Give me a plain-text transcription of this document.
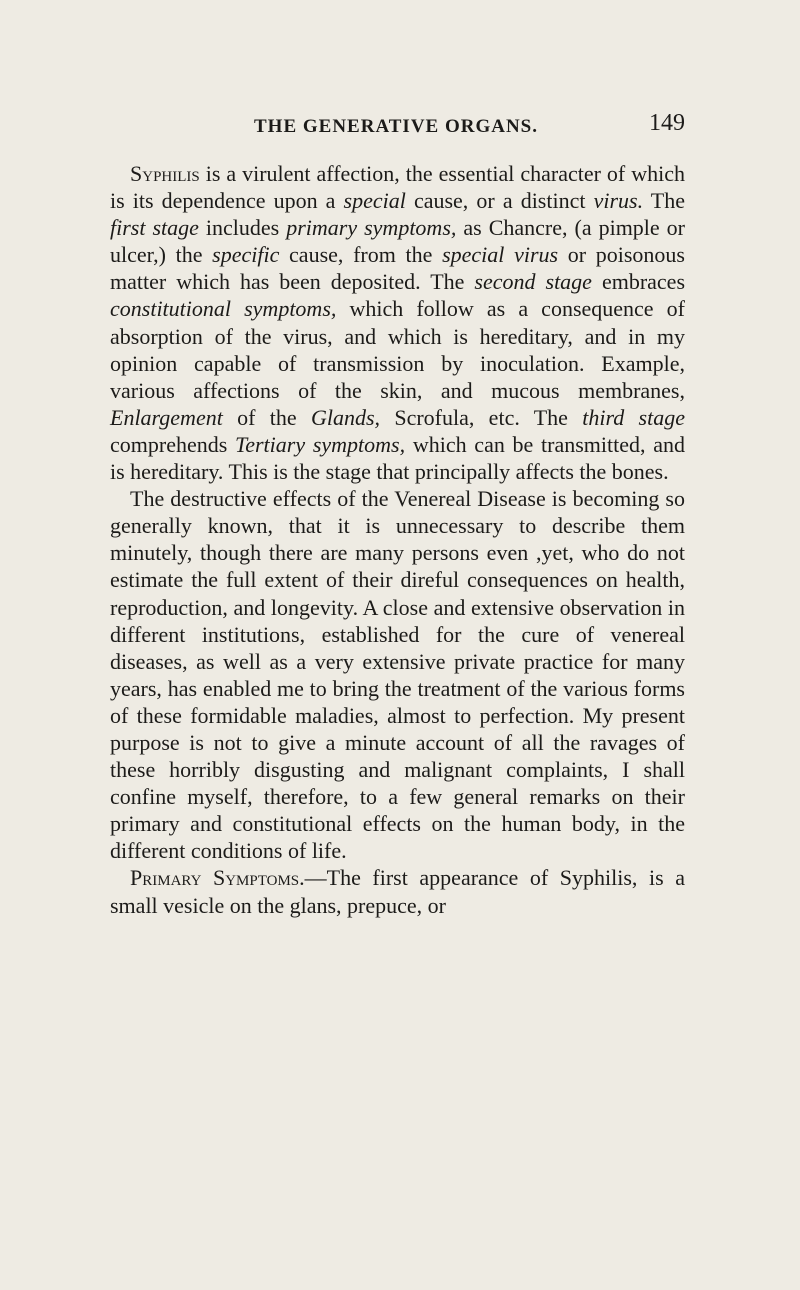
THE GENERATIVE ORGANS.	149

Syphilis is a virulent affection, the essential character of which is its dependence upon a special cause, or a distinct virus. The first stage includes primary symptoms, as Chancre, (a pimple or ulcer,) the specific cause, from the special virus or poisonous matter which has been deposited. The second stage embraces constitutional symptoms, which follow as a consequence of absorption of the virus, and which is hereditary, and in my opinion capable of transmission by inoculation. Example, various affections of the skin, and mucous membranes, Enlargement of the Glands, Scrofula, etc. The third stage comprehends Tertiary symptoms, which can be transmitted, and is hereditary. This is the stage that principally affects the bones.

The destructive effects of the Venereal Disease is becoming so generally known, that it is unnecessary to describe them minutely, though there are many persons even ,yet, who do not estimate the full extent of their direful consequences on health, reproduction, and longevity. A close and extensive observation in different institutions, established for the cure of venereal diseases, as well as a very extensive private practice for many years, has enabled me to bring the treatment of the various forms of these formidable maladies, almost to perfection. My present purpose is not to give a minute account of all the ravages of these horribly disgusting and malignant complaints, I shall confine myself, therefore, to a few general remarks on their primary and constitutional effects on the human body, in the different conditions of life.

Primary Symptoms.—The first appearance of Syphilis, is a small vesicle on the glans, prepuce, or
